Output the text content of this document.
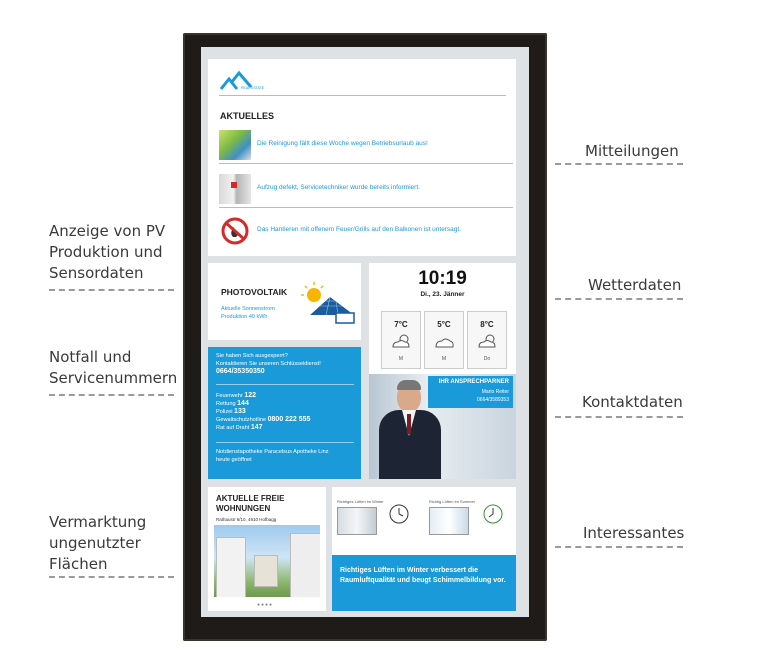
Anzeige von PV
Produktion und
Sensordaten
Notfall und
Servicenummern
Vermarktung
ungenutzter
Flächen
Mitteilungen
Wetterdaten
Kontaktdaten
Interessantes
REAL ESTATE
AKTUELLES
Die Reinigung fällt diese Woche wegen Betriebsurlaub aus!
Aufzug defekt, Servicetechniker wurde bereits informiert.
Das Hantieren mit offenem Feuer/Grills auf den Balkonen ist untersagt.
PHOTOVOLTAIK
Aktuelle Sonnenstrom
Produktion 40 kWh
10:19
Di., 23. Jänner
7°C
M
5°C
M
8°C
Do
Sie haben Sich ausgesperrt?
Kontaktieren Sie unseren Schlüsseldienst!
0664/35350350
Feuerwehr 122
Rettung 144
Polizei 133
Gewaltschutzhotline 0800 222 555
Rat auf Draht 147
Notdienstapotheke Paracelsus Apotheke Linz
heute geöffnet
IHR ANSPRECHPARNER
Mario Reiter
0664/3589353
AKTUELLE FREIE
WOHNUNGEN
Rathaustr 6/10, 4910 Hofbagg
●●●●
Richtiges Lüften im Winter	Richtig Lüften im Sommer
Richtiges Lüften im Winter verbessert die Raumluftqualität und beugt Schimmelbildung vor.
